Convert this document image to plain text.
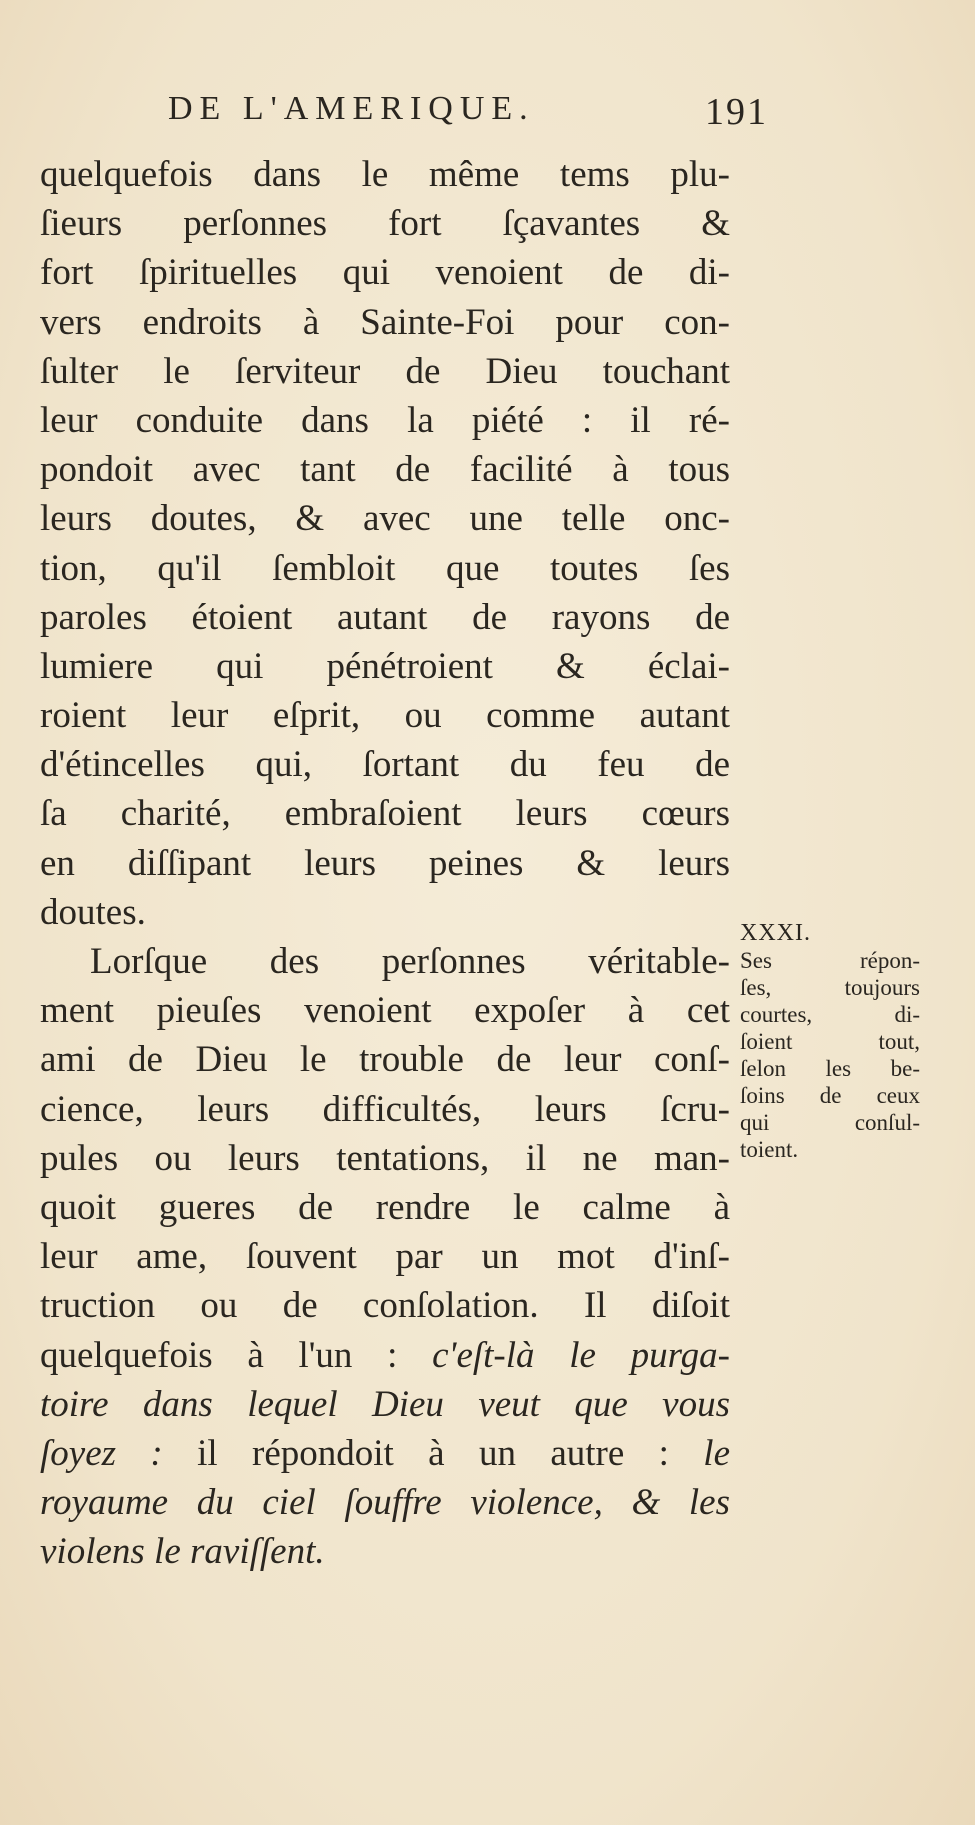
DE L'AMERIQUE.	191
quelquefois dans le même tems plu-
ſieurs perſonnes fort ſçavantes &
fort ſpirituelles qui venoient de di-
vers endroits à Sainte-Foi pour con-
ſulter le ſerviteur de Dieu touchant
leur conduite dans la piété : il ré-
pondoit avec tant de facilité à tous
leurs doutes, & avec une telle onc-
tion, qu'il ſembloit que toutes ſes
paroles étoient autant de rayons de
lumiere qui pénétroient & éclai-
roient leur eſprit, ou comme autant
d'étincelles qui, ſortant du feu de
ſa charité, embraſoient leurs cœurs
en diſſipant leurs peines & leurs
doutes.
Lorſque des perſonnes véritable-
ment pieuſes venoient expoſer à cet
ami de Dieu le trouble de leur conſ-
cience, leurs difficultés, leurs ſcru-
pules ou leurs tentations, il ne man-
quoit gueres de rendre le calme à
leur ame, ſouvent par un mot d'inſ-
truction ou de conſolation. Il diſoit
quelquefois à l'un : c'eſt-là le purga-
toire dans lequel Dieu veut que vous
ſoyez : il répondoit à un autre : le
royaume du ciel ſouffre violence, & les
violens le raviſſent.
XXXI.
Ses répon-
ſes, toujours
courtes, di-
ſoient tout,
ſelon les be-
ſoins de ceux
qui conſul-
toient.
